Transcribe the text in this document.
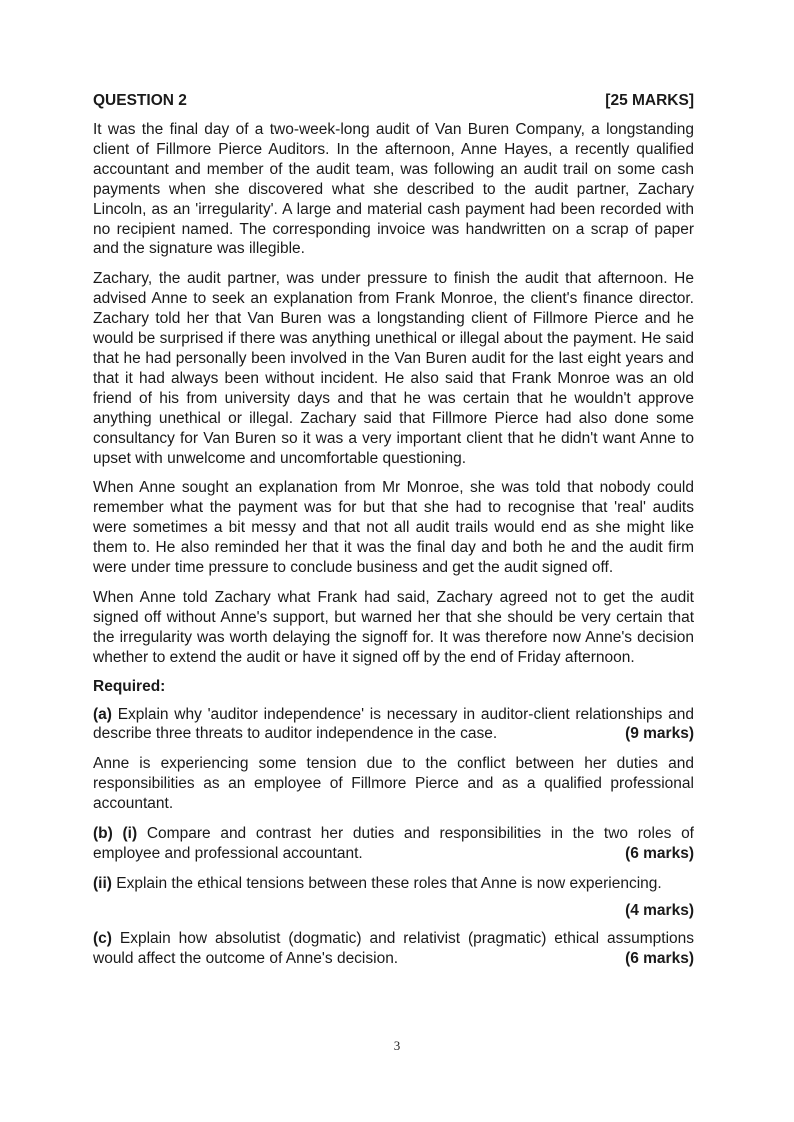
QUESTION 2	[25 MARKS]

It was the final day of a two-week-long audit of Van Buren Company, a longstanding client of Fillmore Pierce Auditors. In the afternoon, Anne Hayes, a recently qualified accountant and member of the audit team, was following an audit trail on some cash payments when she discovered what she described to the audit partner, Zachary Lincoln, as an 'irregularity'. A large and material cash payment had been recorded with no recipient named. The corresponding invoice was handwritten on a scrap of paper and the signature was illegible.

Zachary, the audit partner, was under pressure to finish the audit that afternoon. He advised Anne to seek an explanation from Frank Monroe, the client's finance director. Zachary told her that Van Buren was a longstanding client of Fillmore Pierce and he would be surprised if there was anything unethical or illegal about the payment. He said that he had personally been involved in the Van Buren audit for the last eight years and that it had always been without incident. He also said that Frank Monroe was an old friend of his from university days and that he was certain that he wouldn't approve anything unethical or illegal. Zachary said that Fillmore Pierce had also done some consultancy for Van Buren so it was a very important client that he didn't want Anne to upset with unwelcome and uncomfortable questioning.

When Anne sought an explanation from Mr Monroe, she was told that nobody could remember what the payment was for but that she had to recognise that 'real' audits were sometimes a bit messy and that not all audit trails would end as she might like them to. He also reminded her that it was the final day and both he and the audit firm were under time pressure to conclude business and get the audit signed off.

When Anne told Zachary what Frank had said, Zachary agreed not to get the audit signed off without Anne's support, but warned her that she should be very certain that the irregularity was worth delaying the signoff for. It was therefore now Anne's decision whether to extend the audit or have it signed off by the end of Friday afternoon.

Required:

(a) Explain why 'auditor independence' is necessary in auditor-client relationships and describe three threats to auditor independence in the case.	(9 marks)

Anne is experiencing some tension due to the conflict between her duties and responsibilities as an employee of Fillmore Pierce and as a qualified professional accountant.

(b) (i) Compare and contrast her duties and responsibilities in the two roles of employee and professional accountant.	(6 marks)

(ii) Explain the ethical tensions between these roles that Anne is now experiencing.

(4 marks)

(c) Explain how absolutist (dogmatic) and relativist (pragmatic) ethical assumptions would affect the outcome of Anne's decision.	(6 marks)

3
